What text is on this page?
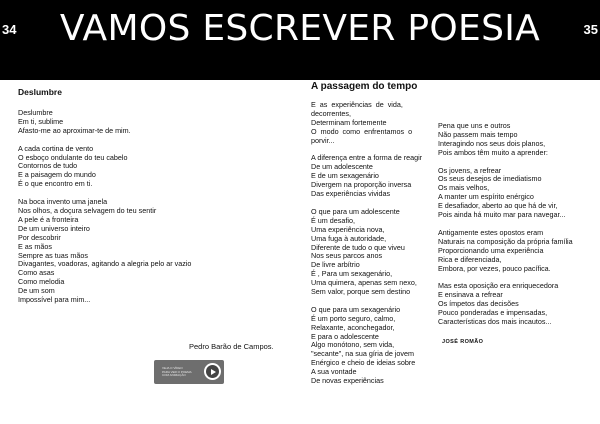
34	VAMOS ESCREVER POESIA	35
Deslumbre
Deslumbre
Em ti, sublime
Afasto-me ao aproximar-te de mim.

A cada cortina de vento
O esboço ondulante do teu cabelo
Contornos de tudo
E a paisagem do mundo
É o que encontro em ti.

Na boca invento uma janela
Nos olhos, a doçura selvagem do teu sentir
A pele é a fronteira
De um universo inteiro
Por descobrir
E as mãos
Sempre as tuas mãos
Divagantes, voadoras, agitando a alegria pelo ar vazio
Como asas
Como melodia
De um som
Impossível para mim...
Pedro Barão de Campos.
VEJA O VÍDEO
PARA VER O POEMA
COM ANIMAÇÃO
A passagem do tempo
E  as  experiências  de  vida,
decorrentes,
Determinam fortemente
O  modo  como  enfrentamos  o
porvir...

A diferença entre a forma de reagir
De um adolescente
E de um sexagenário
Divergem na proporção inversa
Das experiências vividas

O que para um adolescente
É um desafio,
Uma experiência nova,
Uma fuga à autoridade,
Diferente de tudo o que viveu
Nos seus parcos anos
De livre arbítrio
É , Para um sexagenário,
Uma quimera, apenas sem nexo,
Sem valor, porque sem destino

O que para um sexagenário
É um porto seguro, calmo,
Relaxante, aconchegador,
E para o adolescente
Algo monótono, sem vida,
"secante", na sua gíria de jovem
Enérgico e cheio de ideias sobre
A sua vontade
De novas experiências
Pena que uns e outros
Não passem mais tempo
Interagindo nos seus dois planos,
Pois ambos têm muito a aprender:

Os jovens, a refrear
Os seus desejos de imediatismo
Os mais velhos,
A manter um espírito enérgico
E desafiador, aberto ao que há de vir,
Pois ainda há muito mar para navegar...

Antigamente estes opostos eram
Naturais na composição da própria família
Proporcionando uma experiência
Rica e diferenciada,
Embora, por vezes, pouco pacífica.

Mas esta oposição era enriquecedora
E ensinava a refrear
Os ímpetos das decisões
Pouco ponderadas e impensadas,
Características dos mais incautos...
JOSÉ ROMÃO
